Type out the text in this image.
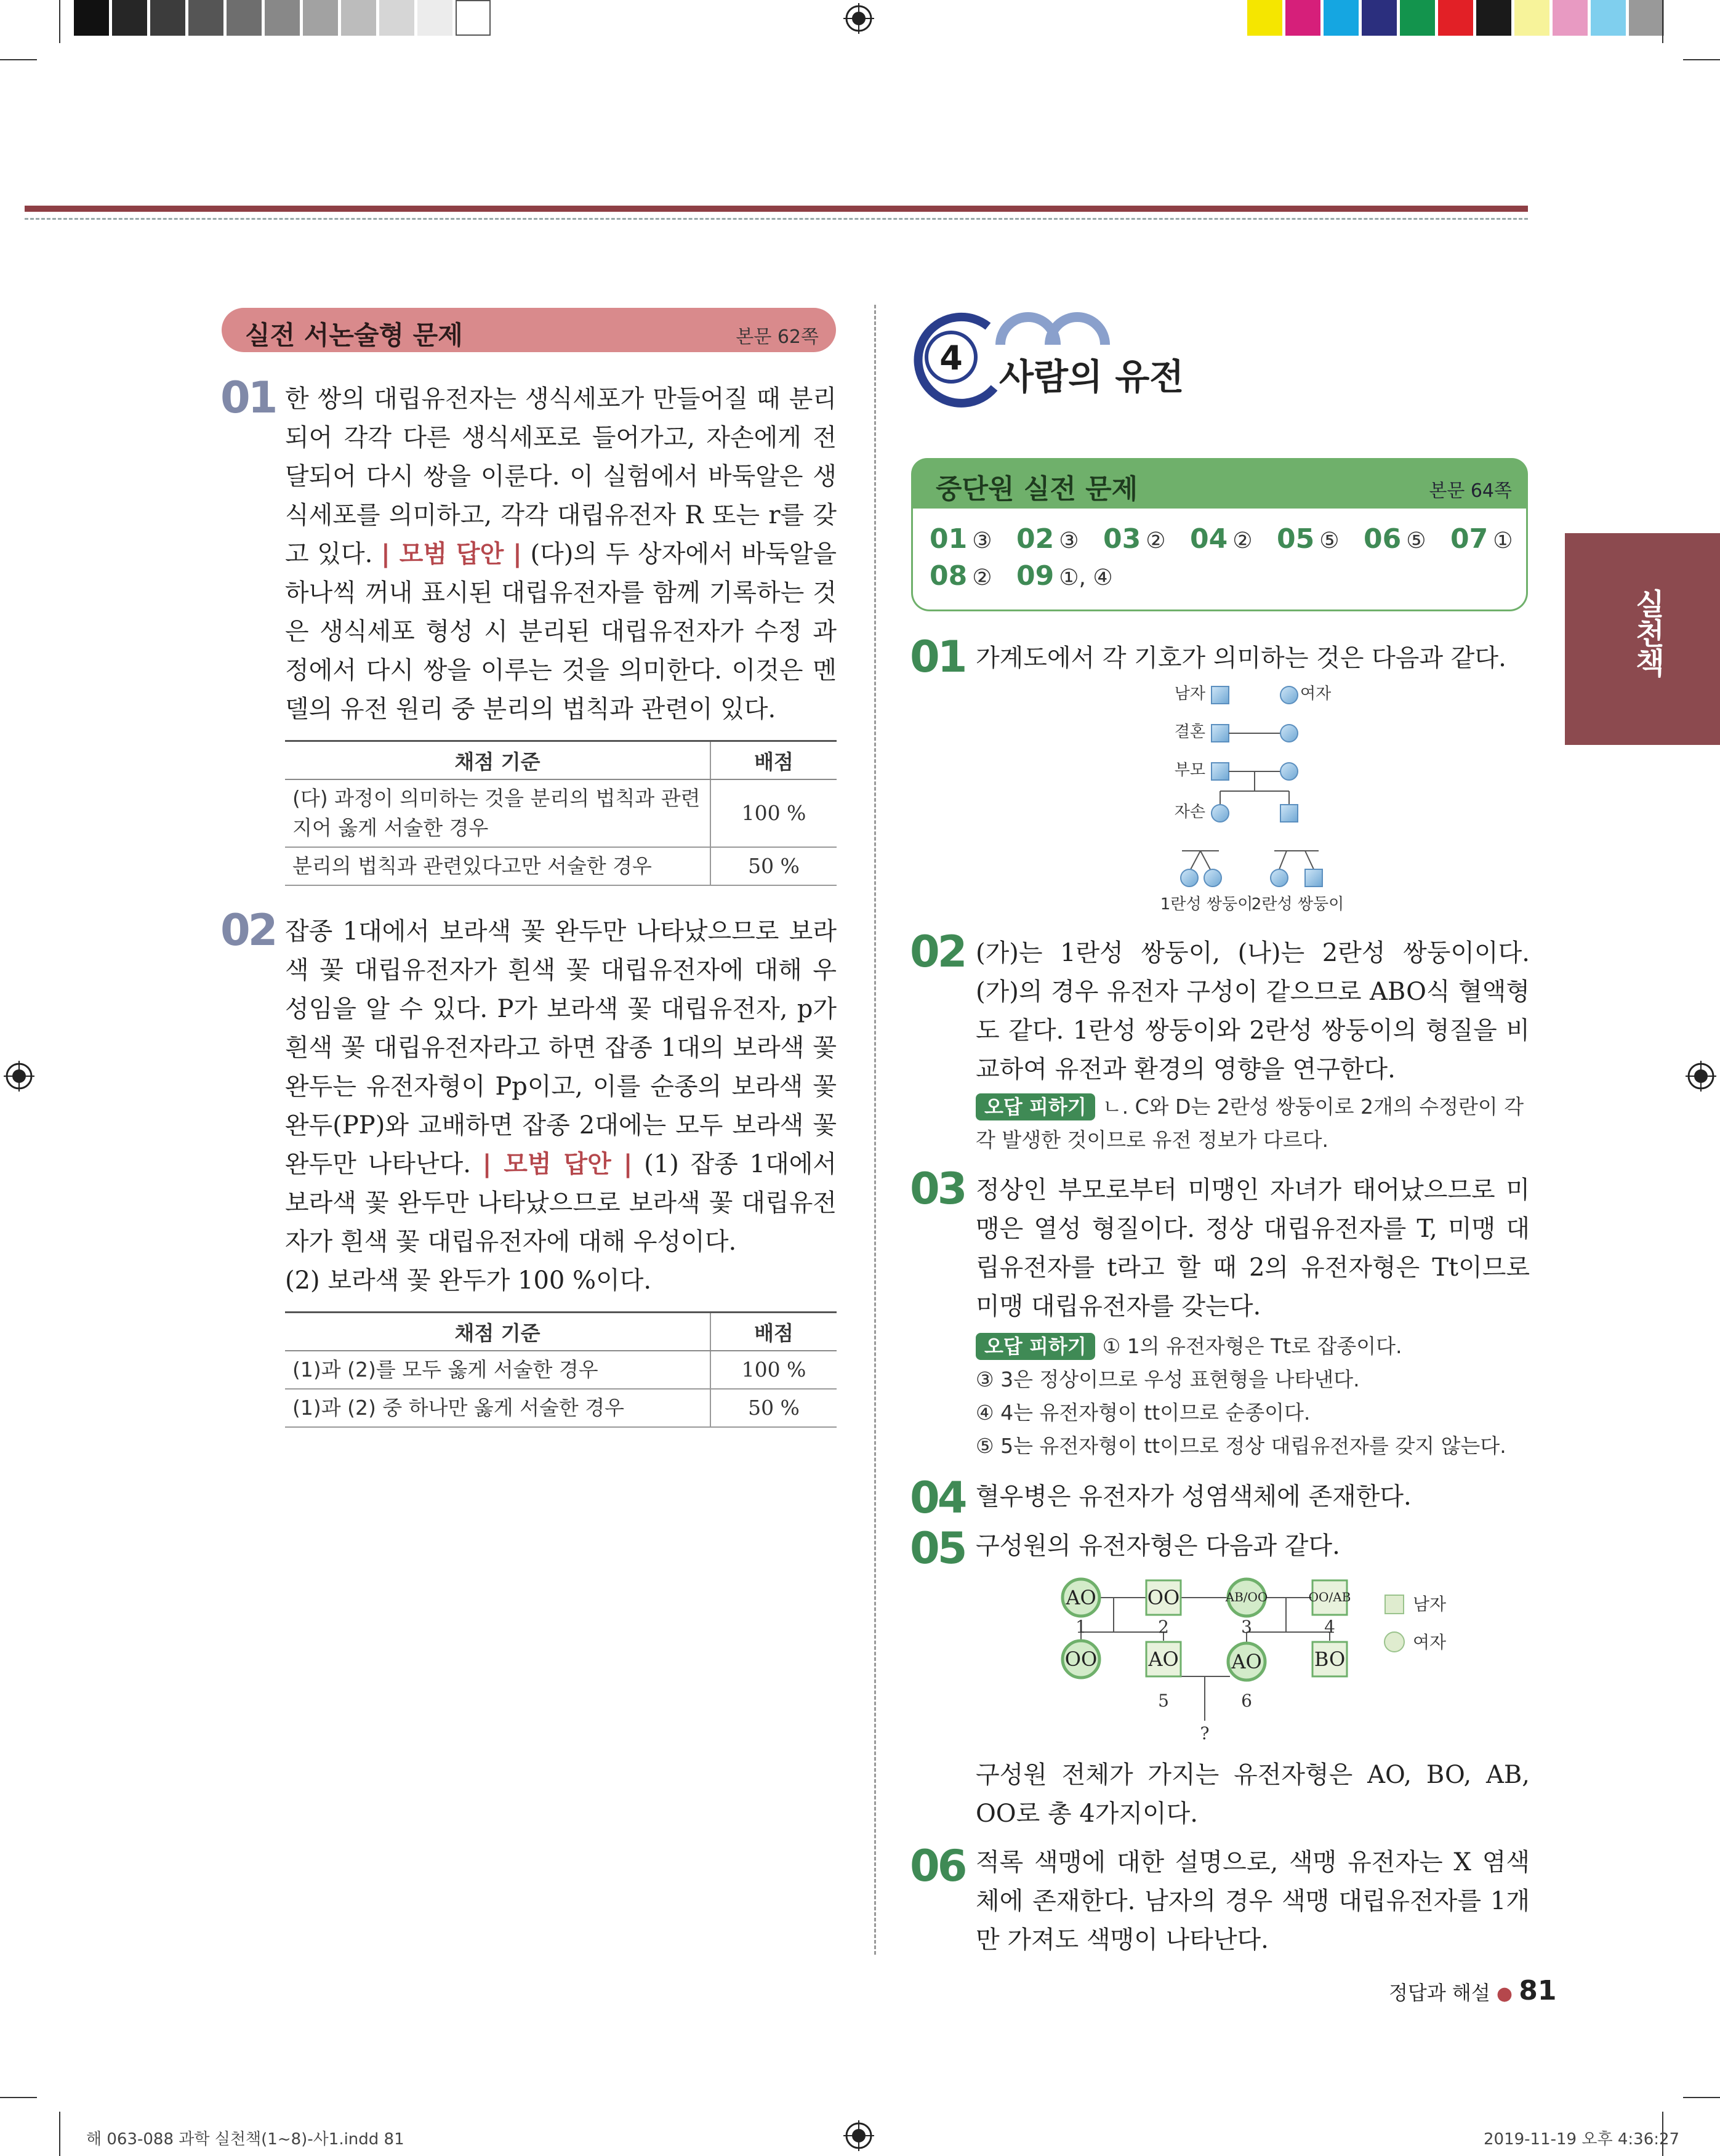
실전 서논술형 문제	본문 62쪽
01 한 쌍의 대립유전자는 생식세포가 만들어질 때 분리되어 각각 다른 생식세포로 들어가고, 자손에게 전달되어 다시 쌍을 이룬다. 이 실험에서 바둑알은 생식세포를 의미하고, 각각 대립유전자 R 또는 r를 갖고 있다. | 모범 답안 | (다)의 두 상자에서 바둑알을 하나씩 꺼내 표시된 대립유전자를 함께 기록하는 것은 생식세포 형성 시 분리된 대립유전자가 수정 과정에서 다시 쌍을 이루는 것을 의미한다. 이것은 멘델의 유전 원리 중 분리의 법칙과 관련이 있다.
채점 기준	배점
(다) 과정이 의미하는 것을 분리의 법칙과 관련지어 옳게 서술한 경우	100 %
분리의 법칙과 관련있다고만 서술한 경우	50 %
02 잡종 1대에서 보라색 꽃 완두만 나타났으므로 보라색 꽃 대립유전자가 흰색 꽃 대립유전자에 대해 우성임을 알 수 있다. P가 보라색 꽃 대립유전자, p가 흰색 꽃 대립유전자라고 하면 잡종 1대의 보라색 꽃 완두는 유전자형이 Pp이고, 이를 순종의 보라색 꽃 완두(PP)와 교배하면 잡종 2대에는 모두 보라색 꽃 완두만 나타난다. | 모범 답안 | (1) 잡종 1대에서 보라색 꽃 완두만 나타났으므로 보라색 꽃 대립유전자가 흰색 꽃 대립유전자에 대해 우성이다.
(2) 보라색 꽃 완두가 100 %이다.
채점 기준	배점
(1)과 (2)를 모두 옳게 서술한 경우	100 %
(1)과 (2) 중 하나만 옳게 서술한 경우	50 %
4 사람의 유전
중단원 실전 문제	본문 64쪽
01 ③ 02 ③ 03 ② 04 ② 05 ⑤ 06 ⑤ 07 ①
08 ② 09 ①, ④
실천책
01 가계도에서 각 기호가 의미하는 것은 다음과 같다.
남자	여자
결혼
부모
자손
1란성 쌍둥이
2란성 쌍둥이
02 (가)는 1란성 쌍둥이, (나)는 2란성 쌍둥이이다. (가)의 경우 유전자 구성이 같으므로 ABO식 혈액형도 같다. 1란성 쌍둥이와 2란성 쌍둥이의 형질을 비교하여 유전과 환경의 영향을 연구한다.
오답 피하기 ㄴ. C와 D는 2란성 쌍둥이로 2개의 수정란이 각각 발생한 것이므로 유전 정보가 다르다.
03 정상인 부모로부터 미맹인 자녀가 태어났으므로 미맹은 열성 형질이다. 정상 대립유전자를 T, 미맹 대립유전자를 t라고 할 때 2의 유전자형은 Tt이므로 미맹 대립유전자를 갖는다.
오답 피하기 ① 1의 유전자형은 Tt로 잡종이다.
③ 3은 정상이므로 우성 표현형을 나타낸다.
④ 4는 유전자형이 tt이므로 순종이다.
⑤ 5는 유전자형이 tt이므로 정상 대립유전자를 갖지 않는다.
04 혈우병은 유전자가 성염색체에 존재한다.
05 구성원의 유전자형은 다음과 같다.
AO
1
OO
2
AB/OO
3
OO/AB
4
OO	AO
5
AO
6
BO
?
남자
여자
구성원 전체가 가지는 유전자형은 AO, BO, AB, OO로 총 4가지이다.
06 적록 색맹에 대한 설명으로, 색맹 유전자는 X 염색체에 존재한다. 남자의 경우 색맹 대립유전자를 1개만 가져도 색맹이 나타난다.
정답과 해설 ● 81
해 063-088 과학 실천책(1~8)-사1.indd 81	2019-11-19 오후 4:36:27
